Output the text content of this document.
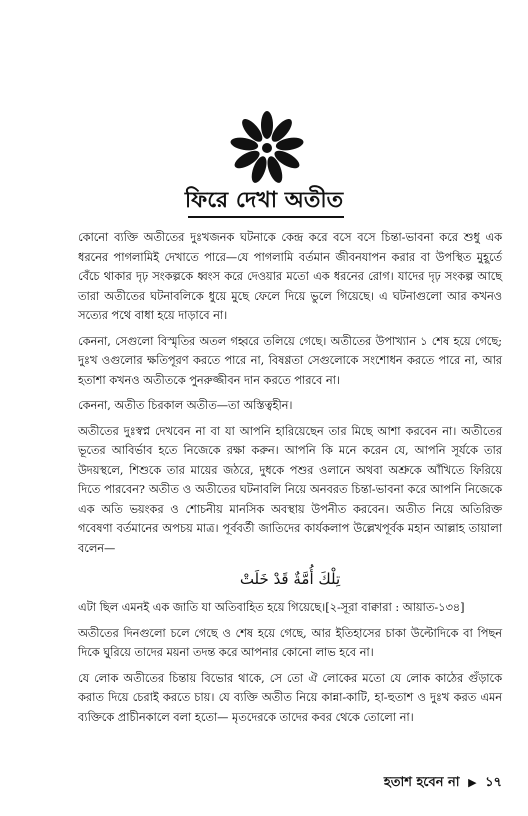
ফিরে দেখা অতীত

কোনো ব্যক্তি অতীতের দুঃখজনক ঘটনাকে কেন্দ্র করে বসে বসে চিন্তা-ভাবনা করে শুধু এক ধরনের পাগলামিই দেখাতে পারে—যে পাগলামি বর্তমান জীবনযাপন করার বা উপস্থিত মুহূর্তে বেঁচে থাকার দৃঢ় সংকল্পকে ধ্বংস করে দেওয়ার মতো এক ধরনের রোগ। যাদের দৃঢ় সংকল্প আছে তারা অতীতের ঘটনাবলিকে ধুয়ে মুছে ফেলে দিয়ে ভুলে গিয়েছে। এ ঘটনাগুলো আর কখনও সত্যের পথে বাধা হয়ে দাড়াবে না।

কেননা, সেগুলো বিস্মৃতির অতল গহ্বরে তলিয়ে গেছে। অতীতের উপাখ্যান ১ শেষ হয়ে গেছে; দুঃখ ওগুলোর ক্ষতিপূরণ করতে পারে না, বিষণ্ণতা সেগুলোকে সংশোধন করতে পারে না, আর হতাশা কখনও অতীতকে পুনরুজ্জীবন দান করতে পারবে না।

কেননা, অতীত চিরকাল অতীত—তা অস্তিত্বহীন।

অতীতের দুঃস্বপ্ন দেখবেন না বা যা আপনি হারিয়েছেন তার মিছে আশা করবেন না। অতীতের ভূতের আবির্ভাব হতে নিজেকে রক্ষা করুন। আপনি কি মনে করেন যে, আপনি সূর্যকে তার উদয়স্থলে, শিশুকে তার মায়ের জঠরে, দুধকে পশুর ওলানে অথবা অশ্রুকে আঁখিতে ফিরিয়ে দিতে পারবেন? অতীত ও অতীতের ঘটনাবলি নিয়ে অনবরত চিন্তা-ভাবনা করে আপনি নিজেকে এক অতি ভয়ংকর ও শোচনীয় মানসিক অবস্থায় উপনীত করবেন। অতীত নিয়ে অতিরিক্ত গবেষণা বর্তমানের অপচয় মাত্র। পূর্ববর্তী জাতিদের কার্যকলাপ উল্লেখপূর্বক মহান আল্লাহ তায়ালা বলেন—

تِلْكَ أُمَّةٌ قَدْ خَلَتْ

এটা ছিল এমনই এক জাতি যা অতিবাহিত হয়ে গিয়েছে।[২-সূরা বাক্বারা : আয়াত-১৩৪]

অতীতের দিনগুলো চলে গেছে ও শেষ হয়ে গেছে, আর ইতিহাসের চাকা উল্টোদিকে বা পিছন দিকে ঘুরিয়ে তাদের ময়না তদন্ত করে আপনার কোনো লাভ হবে না।

যে লোক অতীতের চিন্তায় বিভোর থাকে, সে তো ঐ লোকের মতো যে লোক কাঠের গুঁড়াকে করাত দিয়ে চেরাই করতে চায়। যে ব্যক্তি অতীত নিয়ে কান্না-কাটি, হা-হুতাশ ও দুঃখ করত এমন ব্যক্তিকে প্রাচীনকালে বলা হতো— মৃতদেরকে তাদের কবর থেকে তোলো না।

হতাশ হবেন না ▶ ১৭
